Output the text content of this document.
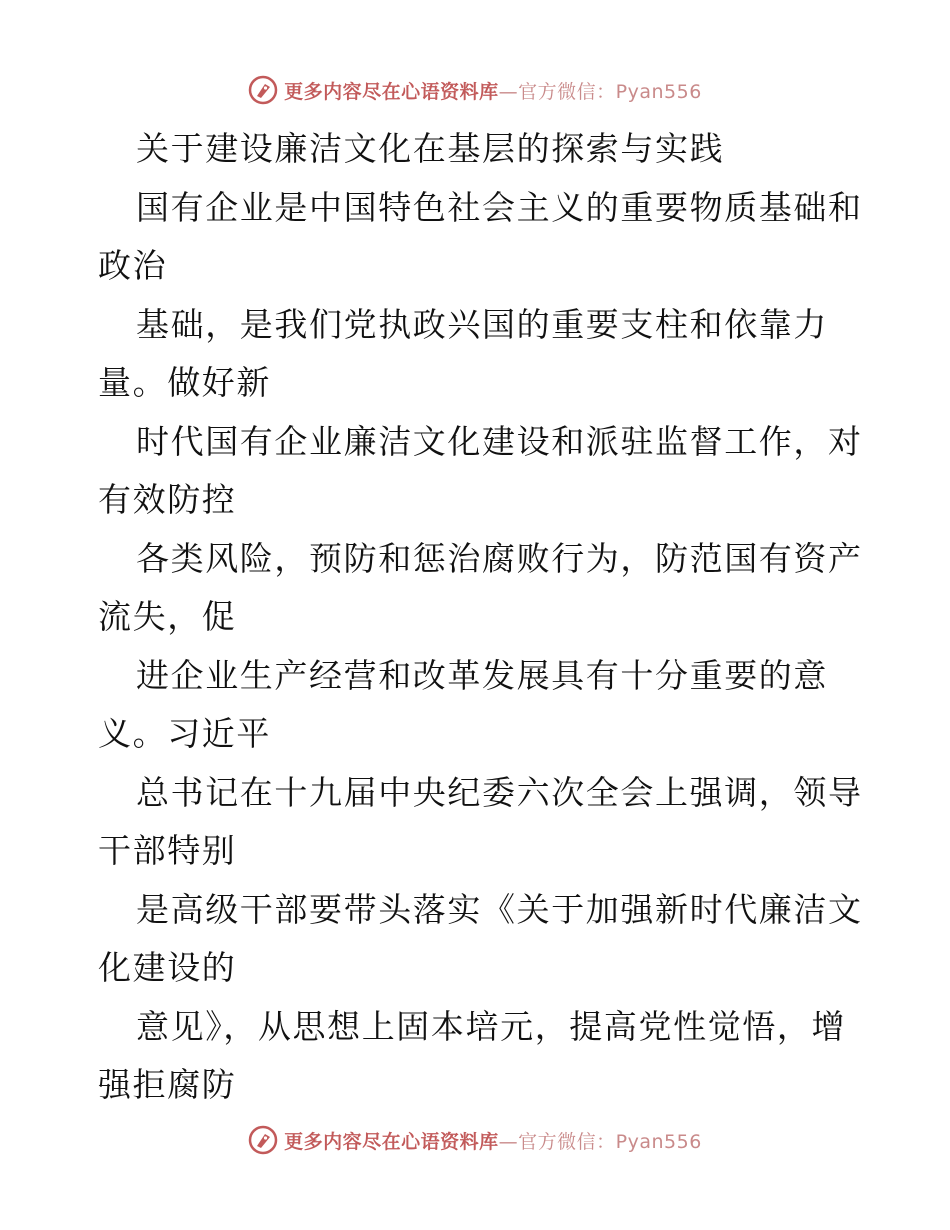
更多内容尽在心语资料库—官方微信：Pyan556
关于建设廉洁文化在基层的探索与实践
国有企业是中国特色社会主义的重要物质基础和
政治
基础，是我们党执政兴国的重要支柱和依靠力
量。做好新
时代国有企业廉洁文化建设和派驻监督工作，对
有效防控
各类风险，预防和惩治腐败行为，防范国有资产
流失，促
进企业生产经营和改革发展具有十分重要的意
义。习近平
总书记在十九届中央纪委六次全会上强调，领导
干部特别
是高级干部要带头落实《关于加强新时代廉洁文
化建设的
意见》，从思想上固本培元，提高党性觉悟，增
强拒腐防
更多内容尽在心语资料库—官方微信：Pyan556
